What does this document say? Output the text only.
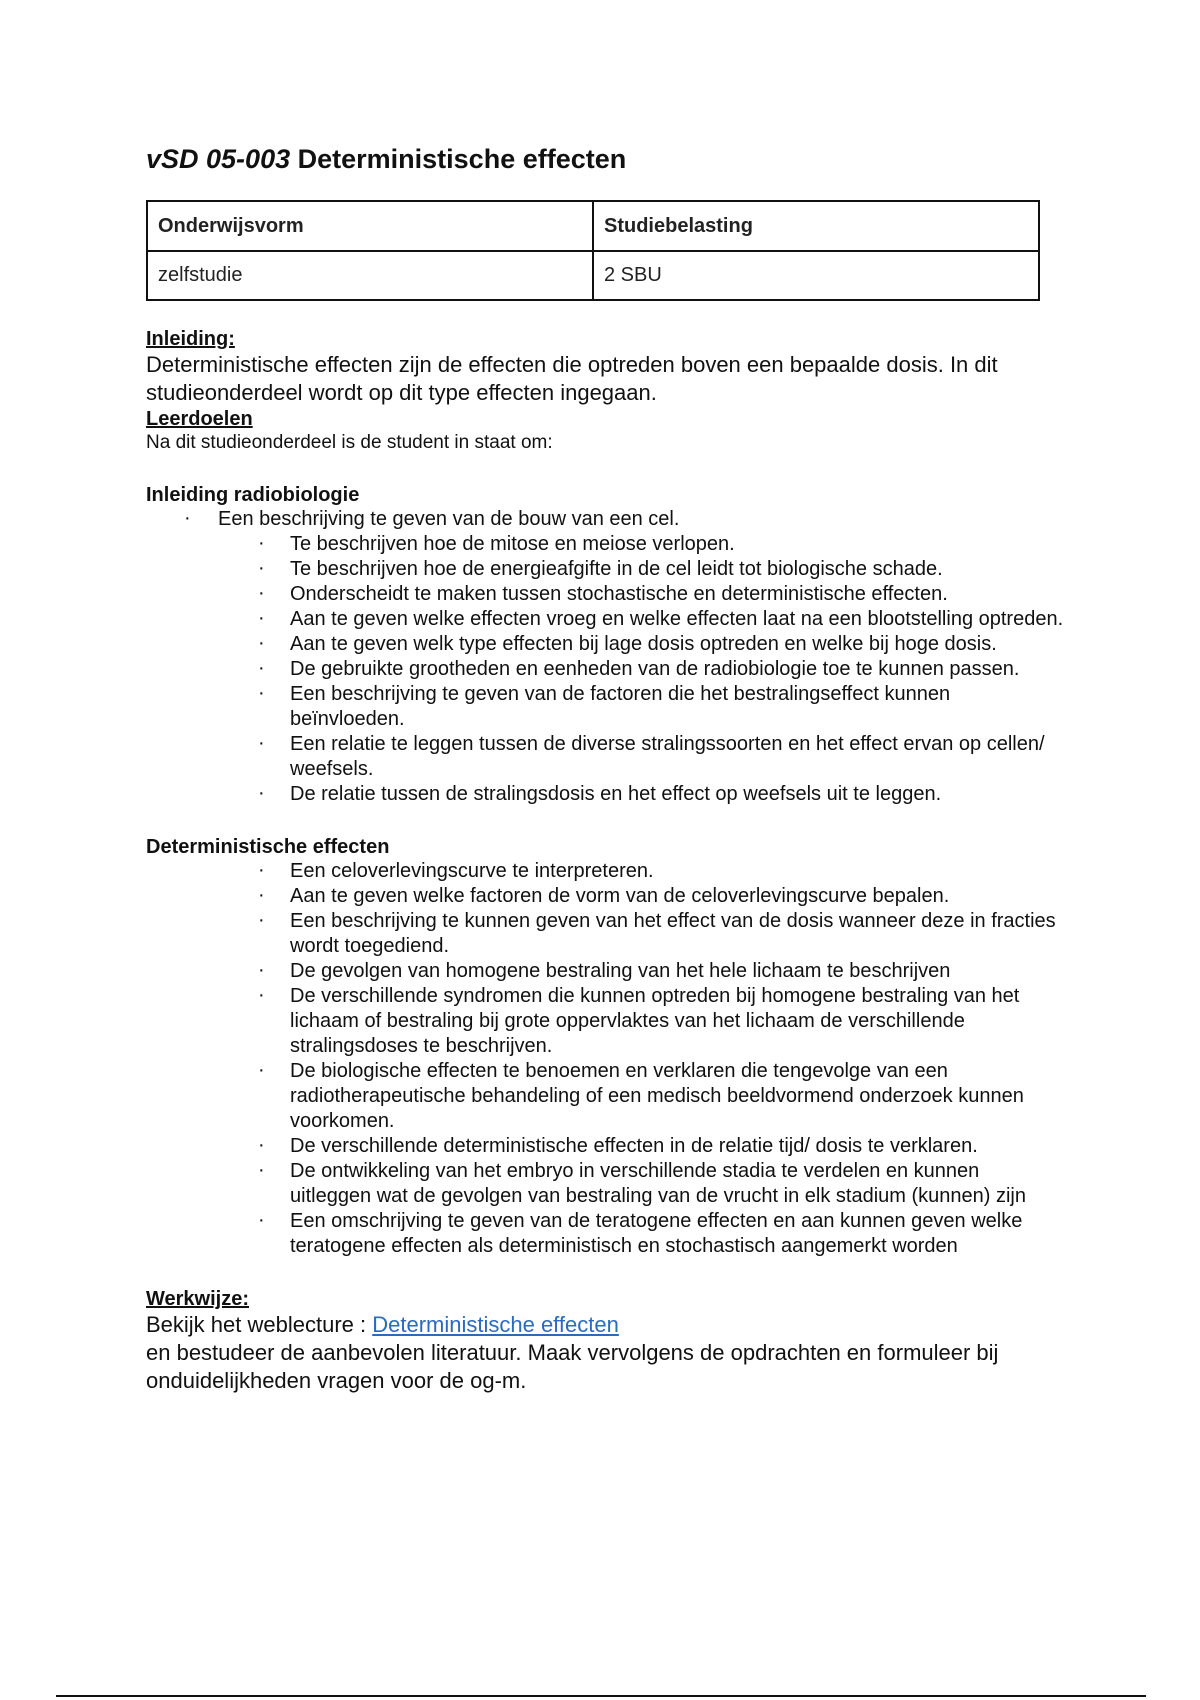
vSD 05-003 Deterministische effecten
Onderwijsvorm	Studiebelasting
zelfstudie	2 SBU
Inleiding:

Deterministische effecten zijn de effecten die optreden boven een bepaalde dosis. In dit studieonderdeel wordt op dit type effecten ingegaan.

Leerdoelen

Na dit studieonderdeel is de student in staat om:

Inleiding radiobiologie
· Een beschrijving te geven van de bouw van een cel.
· Te beschrijven hoe de mitose en meiose verlopen.
· Te beschrijven hoe de energieafgifte in de cel leidt tot biologische schade.
· Onderscheidt te maken tussen stochastische en deterministische effecten.
· Aan te geven welke effecten vroeg en welke effecten laat na een blootstelling optreden.
· Aan te geven welk type effecten bij lage dosis optreden en welke bij hoge dosis.
· De gebruikte grootheden en eenheden van de radiobiologie toe te kunnen passen.
· Een beschrijving te geven van de factoren die het bestralingseffect kunnen beïnvloeden.
· Een relatie te leggen tussen de diverse stralingssoorten en het effect ervan op cellen/ weefsels.
· De relatie tussen de stralingsdosis en het effect op weefsels uit te leggen.
Deterministische effecten
· Een celoverlevingscurve te interpreteren.
· Aan te geven welke factoren de vorm van de celoverlevingscurve bepalen.
· Een beschrijving te kunnen geven van het effect van de dosis wanneer deze in fracties wordt toegediend.
· De gevolgen van homogene bestraling van het hele lichaam te beschrijven
· De verschillende syndromen die kunnen optreden bij homogene bestraling van het lichaam of bestraling bij grote oppervlaktes van het lichaam de verschillende stralingsdoses te beschrijven.
· De biologische effecten te benoemen en verklaren die tengevolge van een radiotherapeutische behandeling of een medisch beeldvormend onderzoek kunnen voorkomen.
· De verschillende deterministische effecten in de relatie tijd/ dosis te verklaren.
· De ontwikkeling van het embryo in verschillende stadia te verdelen en kunnen uitleggen wat de gevolgen van bestraling van de vrucht in elk stadium (kunnen) zijn
· Een omschrijving te geven van de teratogene effecten en aan kunnen geven welke teratogene effecten als deterministisch en stochastisch aangemerkt worden
Werkwijze:

Bekijk het weblecture : Deterministische effecten

en bestudeer de aanbevolen literatuur. Maak vervolgens de opdrachten en formuleer bij onduidelijkheden vragen voor de og-m.
